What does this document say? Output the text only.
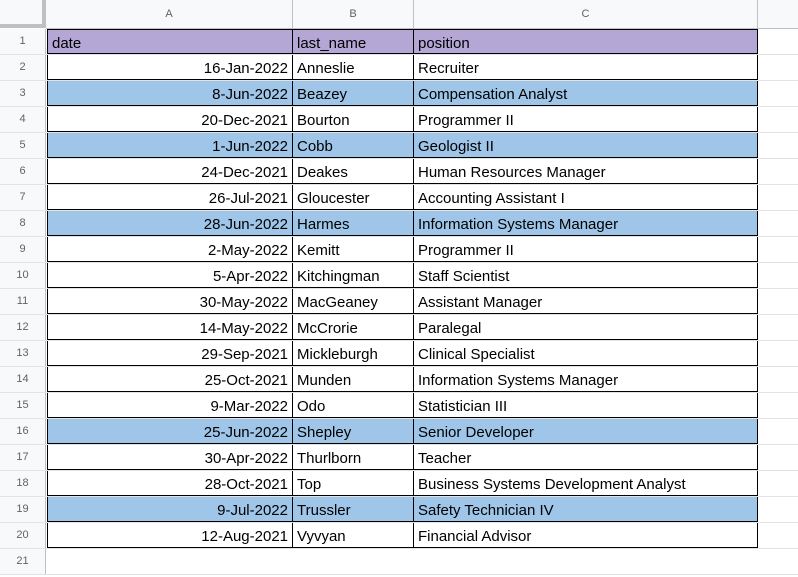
A	B	C
1	date	last_name	position
2	16-Jan-2022 Anneslie	Recruiter
3	8-Jun-2022 Beazey	Compensation Analyst
4	20-Dec-2021 Bourton	Programmer II
5	1-Jun-2022 Cobb	Geologist II
6	24-Dec-2021 Deakes	Human Resources Manager
7	26-Jul-2021 Gloucester	Accounting Assistant I
8	28-Jun-2022 Harmes	Information Systems Manager
9	2-May-2022 Kemitt	Programmer II
10	5-Apr-2022 Kitchingman	Staff Scientist
11	30-May-2022 MacGeaney	Assistant Manager
12	14-May-2022 McCrorie	Paralegal
13	29-Sep-2021 Mickleburgh	Clinical Specialist
14	25-Oct-2021 Munden	Information Systems Manager
15	9-Mar-2022 Odo	Statistician III
16	25-Jun-2022 Shepley	Senior Developer
17	30-Apr-2022 Thurlborn	Teacher
18	28-Oct-2021 Top	Business Systems Development Analyst
19	9-Jul-2022 Trussler	Safety Technician IV
20	12-Aug-2021 Vyvyan	Financial Advisor
21
